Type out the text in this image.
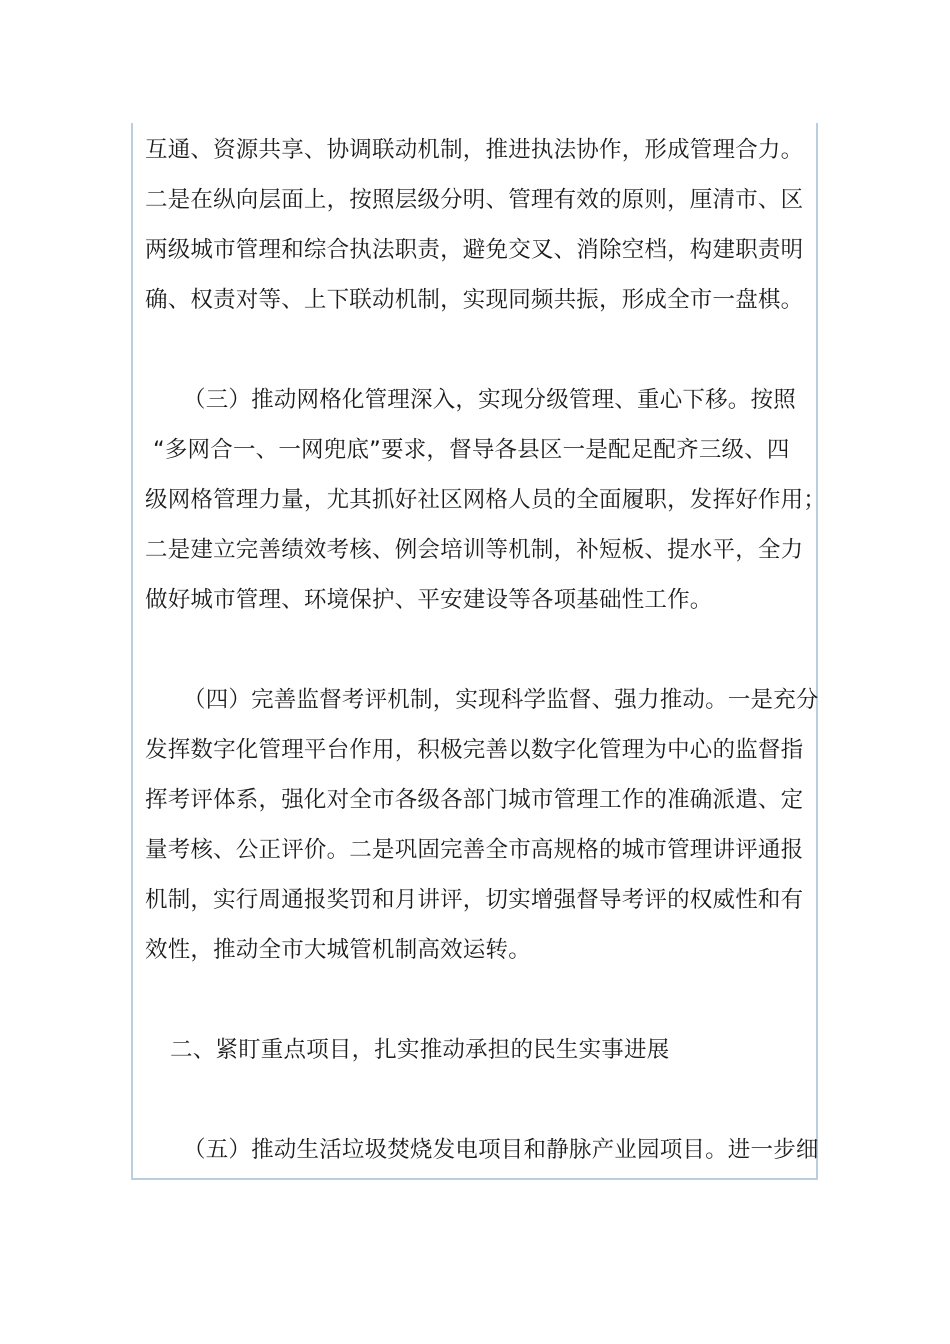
互通、资源共享、协调联动机制，推进执法协作，形成管理合力。
二是在纵向层面上，按照层级分明、管理有效的原则，厘清市、区
两级城市管理和综合执法职责，避免交叉、消除空档，构建职责明
确、权责对等、上下联动机制，实现同频共振，形成全市一盘棋。
（三）推动网格化管理深入，实现分级管理、重心下移。按照
“多网合一、一网兜底”要求，督导各县区一是配足配齐三级、四
级网格管理力量，尤其抓好社区网格人员的全面履职，发挥好作用；
二是建立完善绩效考核、例会培训等机制，补短板、提水平，全力
做好城市管理、环境保护、平安建设等各项基础性工作。
（四）完善监督考评机制，实现科学监督、强力推动。一是充分
发挥数字化管理平台作用，积极完善以数字化管理为中心的监督指
挥考评体系，强化对全市各级各部门城市管理工作的准确派遣、定
量考核、公正评价。二是巩固完善全市高规格的城市管理讲评通报
机制，实行周通报奖罚和月讲评，切实增强督导考评的权威性和有
效性，推动全市大城管机制高效运转。
二、紧盯重点项目，扎实推动承担的民生实事进展
（五）推动生活垃圾焚烧发电项目和静脉产业园项目。进一步细
